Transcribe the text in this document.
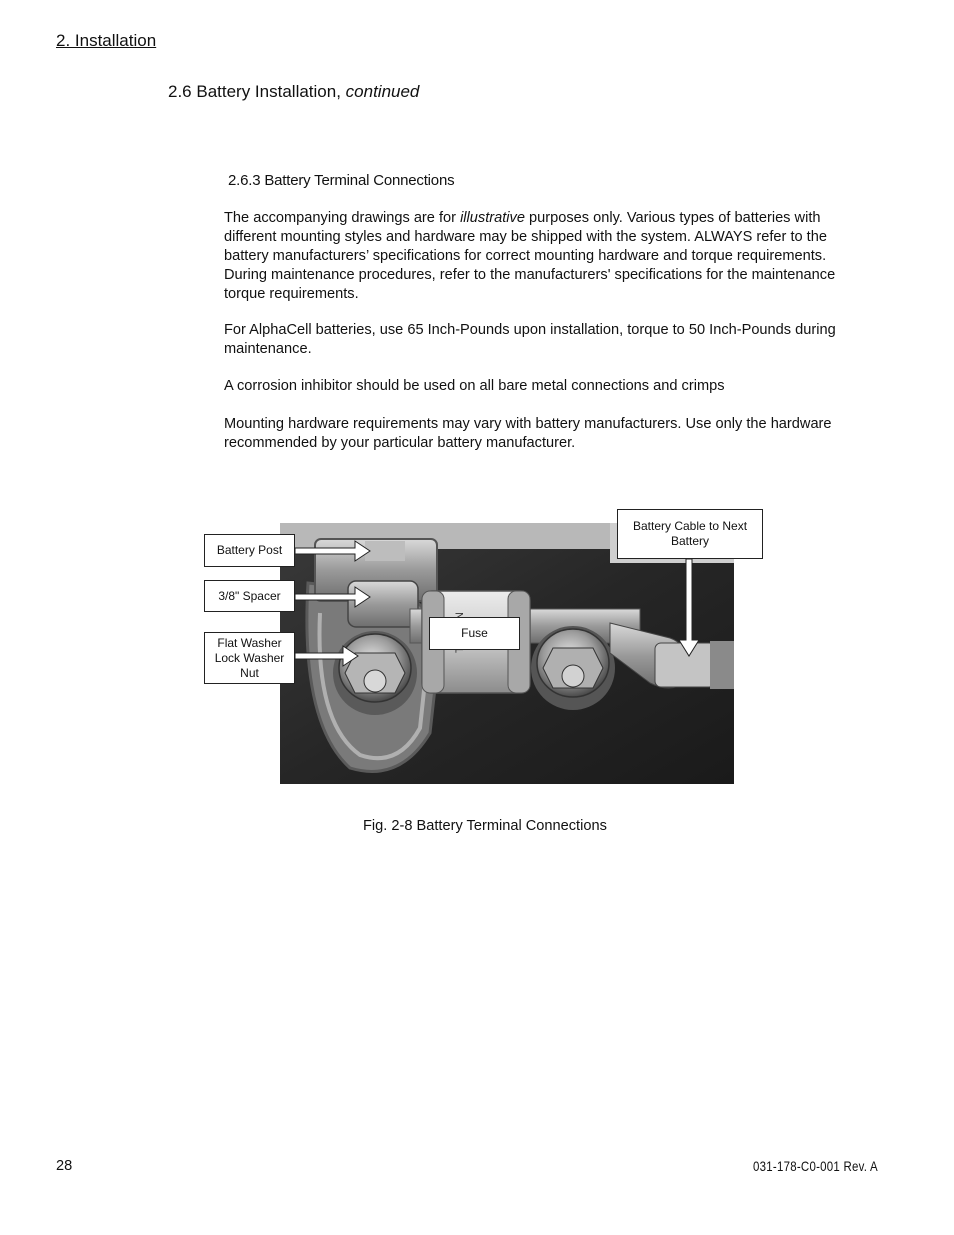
2. Installation
2.6 Battery Installation, continued
2.6.3 Battery Terminal Connections
The accompanying drawings are for illustrative purposes only. Various types of batteries with different mounting styles and hardware may be shipped with the system. ALWAYS refer to the battery manufacturers’ specifications for correct mounting hardware and torque requirements. During maintenance procedures, refer to the manufacturers' specifications for the maintenance torque requirements.
For AlphaCell batteries, use 65 Inch-Pounds upon installation, torque to 50 Inch-Pounds during maintenance.
A corrosion inhibitor should be used on all bare metal connections and crimps
Mounting hardware requirements may vary with battery manufacturers. Use only the hardware recommended by your particular battery manufacturer.
Battery Post
3/8" Spacer
Flat Washer
Lock Washer
Nut
Fuse
Battery Cable to Next
Battery
Fig. 2-8 Battery Terminal Connections
28	031-178-C0-001 Rev. A
